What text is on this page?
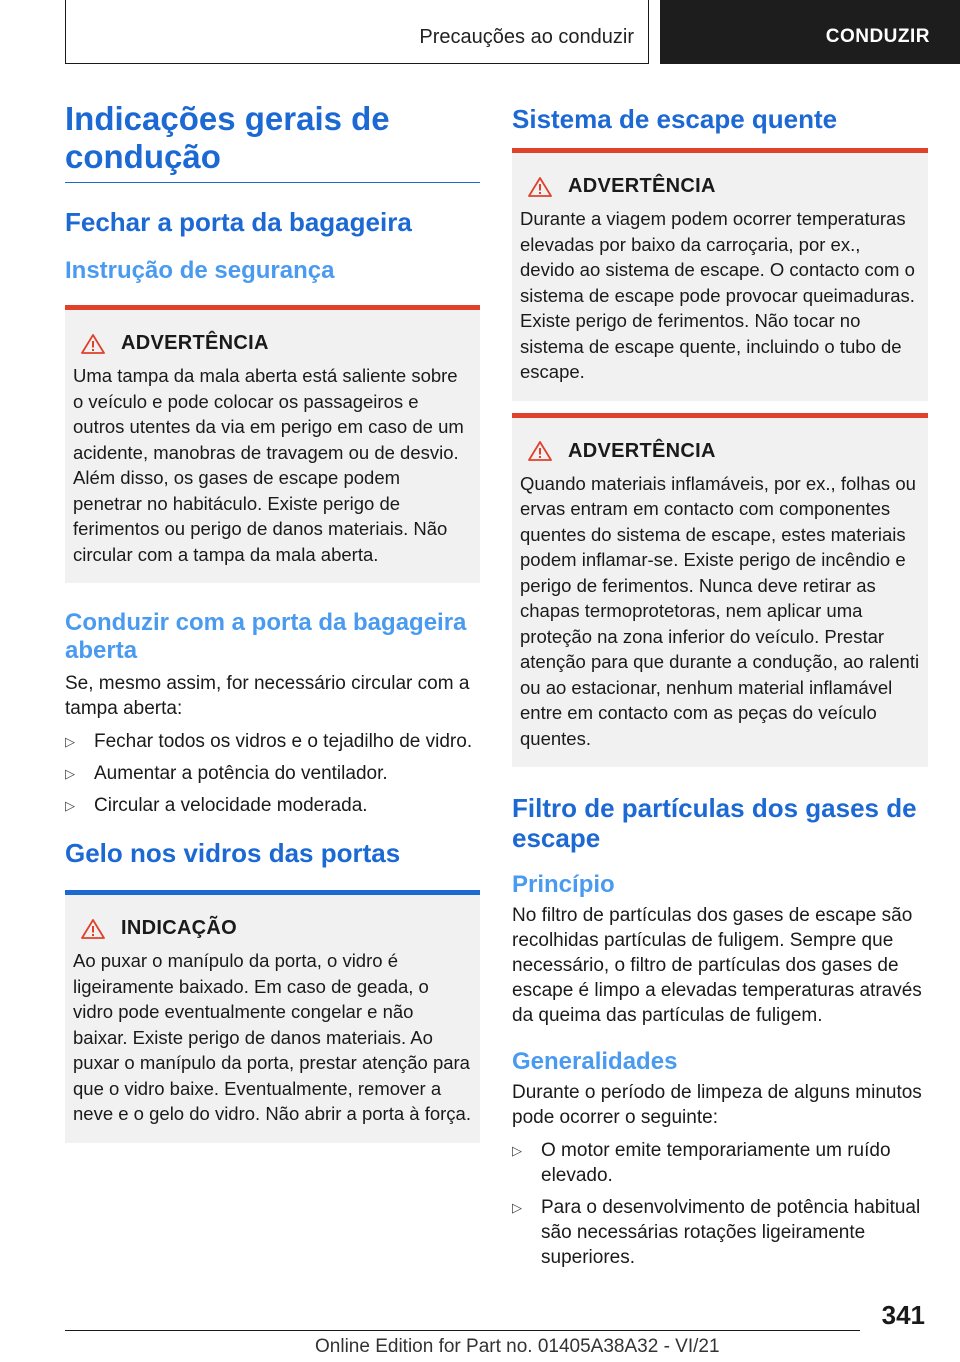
Precauções ao conduzir	CONDUZIR
Indicações gerais de condução
Fechar a porta da bagageira
Instrução de segurança
ADVERTÊNCIA

Uma tampa da mala aberta está saliente sobre o veículo e pode colocar os passageiros e outros utentes da via em perigo em caso de um acidente, manobras de travagem ou de desvio. Além disso, os gases de escape podem penetrar no habitáculo. Existe perigo de ferimentos ou perigo de danos materiais. Não circular com a tampa da mala aberta.

Conduzir com a porta da bagageira aberta

Se, mesmo assim, for necessário circular com a tampa aberta:

▷ Fechar todos os vidros e o tejadilho de vidro.
▷ Aumentar a potência do ventilador.
▷ Circular a velocidade moderada.
Gelo nos vidros das portas
INDICAÇÃO

Ao puxar o manípulo da porta, o vidro é ligeiramente baixado. Em caso de geada, o vidro pode eventualmente congelar e não baixar. Existe perigo de danos materiais. Ao puxar o manípulo da porta, prestar atenção para que o vidro baixe. Eventualmente, remover a neve e o gelo do vidro. Não abrir a porta à força.

Sistema de escape quente
ADVERTÊNCIA

Durante a viagem podem ocorrer temperaturas elevadas por baixo da carroçaria, por ex., devido ao sistema de escape. O contacto com o sistema de escape pode provocar queimaduras. Existe perigo de ferimentos. Não tocar no sistema de escape quente, incluindo o tubo de escape.

ADVERTÊNCIA

Quando materiais inflamáveis, por ex., folhas ou ervas entram em contacto com componentes quentes do sistema de escape, estes materiais podem inflamar-se. Existe perigo de incêndio e perigo de ferimentos. Nunca deve retirar as chapas termoprotetoras, nem aplicar uma proteção na zona inferior do veículo. Prestar atenção para que durante a condução, ao ralenti ou ao estacionar, nenhum material inflamável entre em contacto com as peças do veículo quentes.

Filtro de partículas dos gases de escape
Princípio

No filtro de partículas dos gases de escape são recolhidas partículas de fuligem. Sempre que necessário, o filtro de partículas dos gases de escape é limpo a elevadas temperaturas através da queima das partículas de fuligem.

Generalidades

Durante o período de limpeza de alguns minutos pode ocorrer o seguinte:

▷ O motor emite temporariamente um ruído elevado.
▷ Para o desenvolvimento de potência habitual são necessárias rotações ligeiramente superiores.
341
Online Edition for Part no. 01405A38A32 - VI/21
